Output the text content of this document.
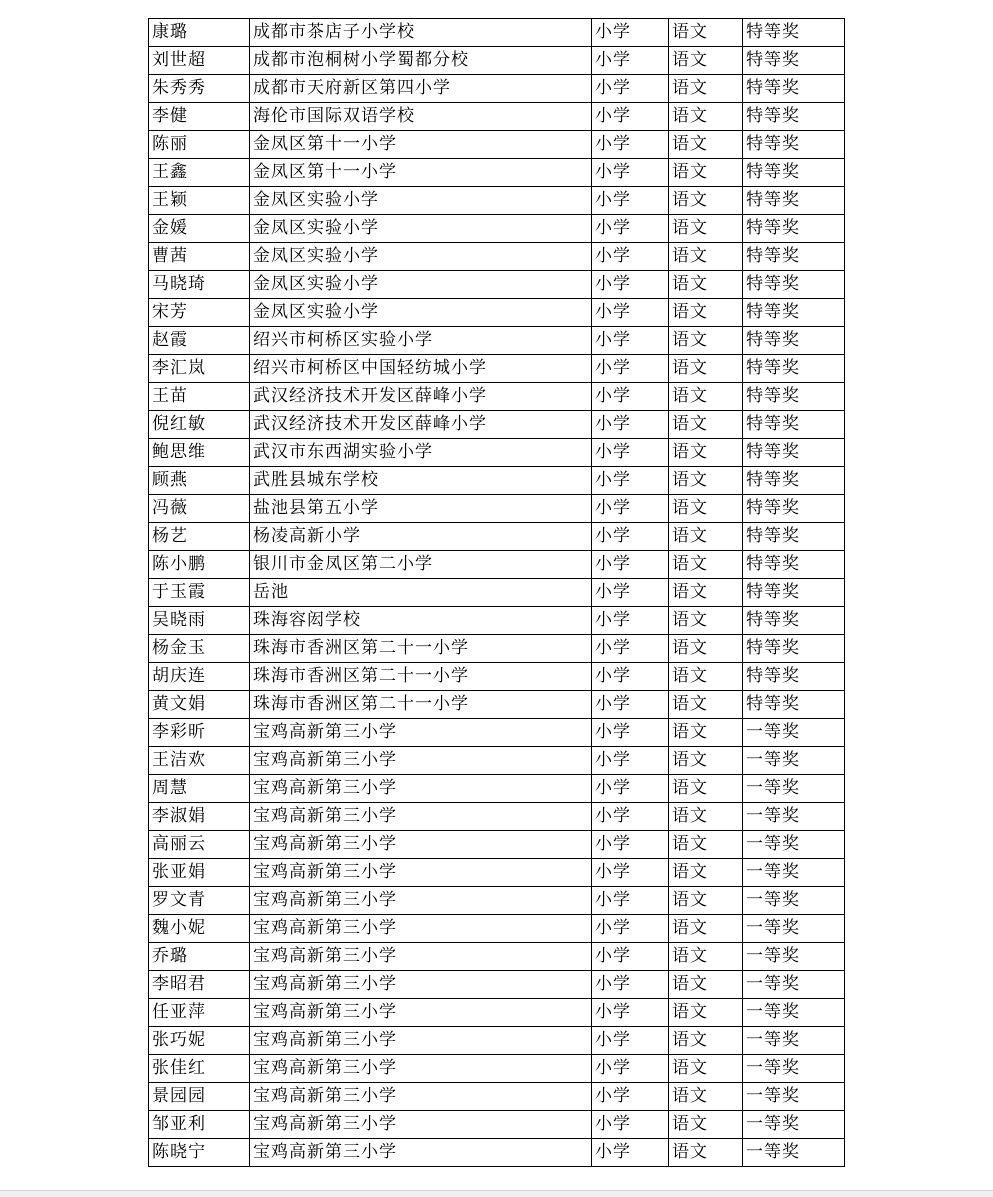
康璐	成都市茶店子小学校	小学	语文	特等奖
刘世超	成都市泡桐树小学蜀都分校	小学	语文	特等奖
朱秀秀	成都市天府新区第四小学	小学	语文	特等奖
李健	海伦市国际双语学校	小学	语文	特等奖
陈丽	金凤区第十一小学	小学	语文	特等奖
王鑫	金凤区第十一小学	小学	语文	特等奖
王颖	金凤区实验小学	小学	语文	特等奖
金媛	金凤区实验小学	小学	语文	特等奖
曹茜	金凤区实验小学	小学	语文	特等奖
马晓琦	金凤区实验小学	小学	语文	特等奖
宋芳	金凤区实验小学	小学	语文	特等奖
赵霞	绍兴市柯桥区实验小学	小学	语文	特等奖
李汇岚	绍兴市柯桥区中国轻纺城小学	小学	语文	特等奖
王苗	武汉经济技术开发区薛峰小学	小学	语文	特等奖
倪红敏	武汉经济技术开发区薛峰小学	小学	语文	特等奖
鲍思维	武汉市东西湖实验小学	小学	语文	特等奖
顾燕	武胜县城东学校	小学	语文	特等奖
冯薇	盐池县第五小学	小学	语文	特等奖
杨艺	杨凌高新小学	小学	语文	特等奖
陈小鹏	银川市金凤区第二小学	小学	语文	特等奖
于玉霞	岳池	小学	语文	特等奖
吴晓雨	珠海容闳学校	小学	语文	特等奖
杨金玉	珠海市香洲区第二十一小学	小学	语文	特等奖
胡庆连	珠海市香洲区第二十一小学	小学	语文	特等奖
黄文娟	珠海市香洲区第二十一小学	小学	语文	特等奖
李彩昕	宝鸡高新第三小学	小学	语文	一等奖
王洁欢	宝鸡高新第三小学	小学	语文	一等奖
周慧	宝鸡高新第三小学	小学	语文	一等奖
李淑娟	宝鸡高新第三小学	小学	语文	一等奖
高丽云	宝鸡高新第三小学	小学	语文	一等奖
张亚娟	宝鸡高新第三小学	小学	语文	一等奖
罗文青	宝鸡高新第三小学	小学	语文	一等奖
魏小妮	宝鸡高新第三小学	小学	语文	一等奖
乔璐	宝鸡高新第三小学	小学	语文	一等奖
李昭君	宝鸡高新第三小学	小学	语文	一等奖
任亚萍	宝鸡高新第三小学	小学	语文	一等奖
张巧妮	宝鸡高新第三小学	小学	语文	一等奖
张佳红	宝鸡高新第三小学	小学	语文	一等奖
景园园	宝鸡高新第三小学	小学	语文	一等奖
邹亚利	宝鸡高新第三小学	小学	语文	一等奖
陈晓宁	宝鸡高新第三小学	小学	语文	一等奖
